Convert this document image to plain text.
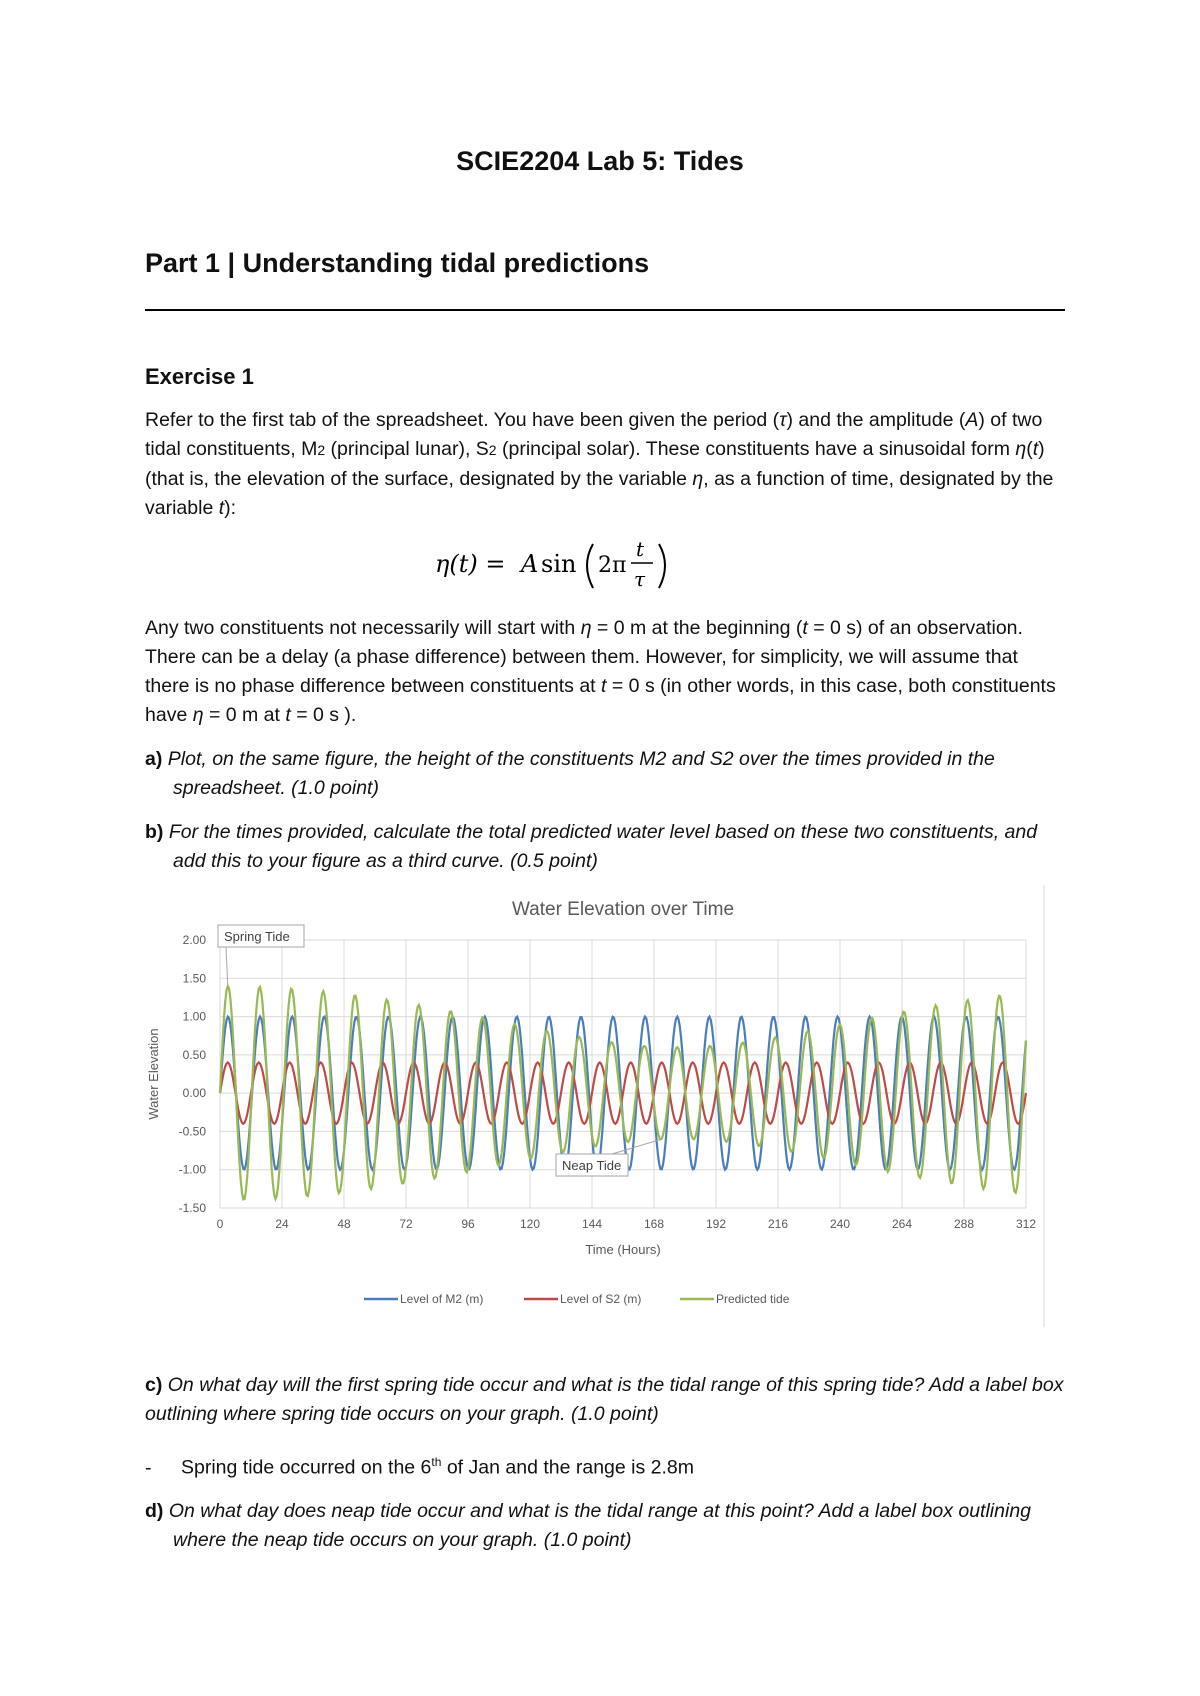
SCIE2204 Lab 5: Tides
Part 1 | Understanding tidal predictions
Exercise 1

Refer to the first tab of the spreadsheet. You have been given the period (τ) and the amplitude (A) of two tidal constituents, M2 (principal lunar), S2 (principal solar). These constituents have a sinusoidal form η(t) (that is, the elevation of the surface, designated by the variable η, as a function of time, designated by the variable t):

η(t) = A sin 2π
t
τ

Any two constituents not necessarily will start with η = 0 m at the beginning (t = 0 s) of an observation. There can be a delay (a phase difference) between them. However, for simplicity, we will assume that there is no phase difference between constituents at t = 0 s (in other words, in this case, both constituents have η = 0 m at t = 0 s ).

a) Plot, on the same figure, the height of the constituents M2 and S2 over the times provided in the spreadsheet. (1.0 point)

b) For the times provided, calculate the total predicted water level based on these two constituents, and add this to your figure as a third curve. (0.5 point)

Water Elevation over Time
2.00
1.50
1.00
0.50
0.00
-0.50
-1.00
-1.50
0	24	48	72	96	120	144	168	192	216	240	264	288	312
Time (Hours)
Water Elevation
Spring Tide
Neap Tide
Level of M2 (m)	Level of S2 (m)	Predicted tide

c) On what day will the first spring tide occur and what is the tidal range of this spring tide? Add a label box outlining where spring tide occurs on your graph. (1.0 point)

- Spring tide occurred on the 6th of Jan and the range is 2.8m

d) On what day does neap tide occur and what is the tidal range at this point? Add a label box outlining where the neap tide occurs on your graph. (1.0 point)
